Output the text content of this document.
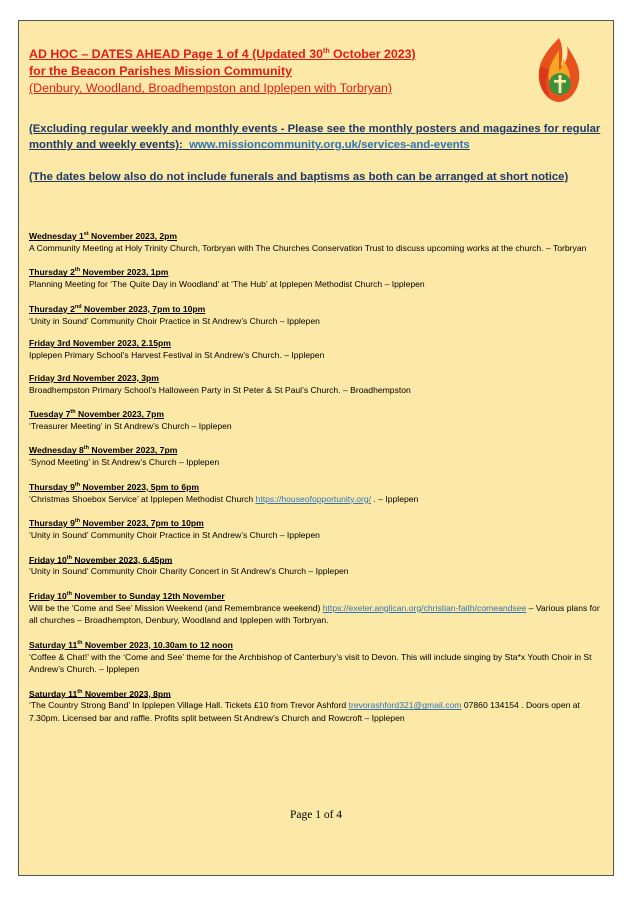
AD HOC – DATES AHEAD Page 1 of 4 (Updated 30th October 2023)
for the Beacon Parishes Mission Community
(Denbury, Woodland, Broadhempston and Ipplepen with Torbryan)
(Excluding regular weekly and monthly events - Please see the monthly posters and magazines for regular monthly and weekly events): www.missioncommunity.org.uk/services-and-events
(The dates below also do not include funerals and baptisms as both can be arranged at short notice)
Wednesday 1st November 2023, 2pm
A Community Meeting at Holy Trinity Church, Torbryan with The Churches Conservation Trust to discuss upcoming works at the church. – Torbryan
Thursday 2th November 2023, 1pm
Planning Meeting for ‘The Quite Day in Woodland’ at ‘The Hub’ at Ipplepen Methodist Church – Ipplepen
Thursday 2nd November 2023, 7pm to 10pm
‘Unity in Sound’ Community Choir Practice in St Andrew’s Church – Ipplepen
Friday 3rd November 2023, 2.15pm
Ipplepen Primary School’s Harvest Festival in St Andrew’s Church. – Ipplepen
Friday 3rd November 2023, 3pm
Broadhempston Primary School’s Halloween Party in St Peter & St Paul’s Church. – Broadhempston
Tuesday 7th November 2023, 7pm
‘Treasurer Meeting’ in St Andrew’s Church – Ipplepen
Wednesday 8th November 2023, 7pm
‘Synod Meeting’ in St Andrew’s Church – Ipplepen
Thursday 9th November 2023, 5pm to 6pm
‘Christmas Shoebox Service’ at Ipplepen Methodist Church https://houseofopportunity.org/ . – Ipplepen
Thursday 9th November 2023, 7pm to 10pm
‘Unity in Sound’ Community Choir Practice in St Andrew’s Church – Ipplepen
Friday 10th November 2023, 6.45pm
‘Unity in Sound’ Community Choir Charity Concert in St Andrew’s Church – Ipplepen
Friday 10th November to Sunday 12th November
Will be the ‘Come and See’ Mission Weekend (and Remembrance weekend) https://exeter.anglican.org/christian-faith/comeandsee – Various plans for all churches – Broadhempton, Denbury, Woodland and Ipplepen with Torbryan.
Saturday 11th November 2023, 10.30am to 12 noon
‘Coffee & Chat!’ with the ‘Come and See’ theme for the Archbishop of Canterbury’s visit to Devon. This will include singing by Sta*x Youth Choir in St Andrew’s Church. – Ipplepen
Saturday 11th November 2023, 8pm
‘The Country Strong Band’ In Ipplepen Village Hall. Tickets £10 from Trevor Ashford trevorashford321@gmail.com 07860 134154 . Doors open at 7.30pm. Licensed bar and raffle. Profits split between St Andrew’s Church and Rowcroft – Ipplepen
Page 1 of 4
